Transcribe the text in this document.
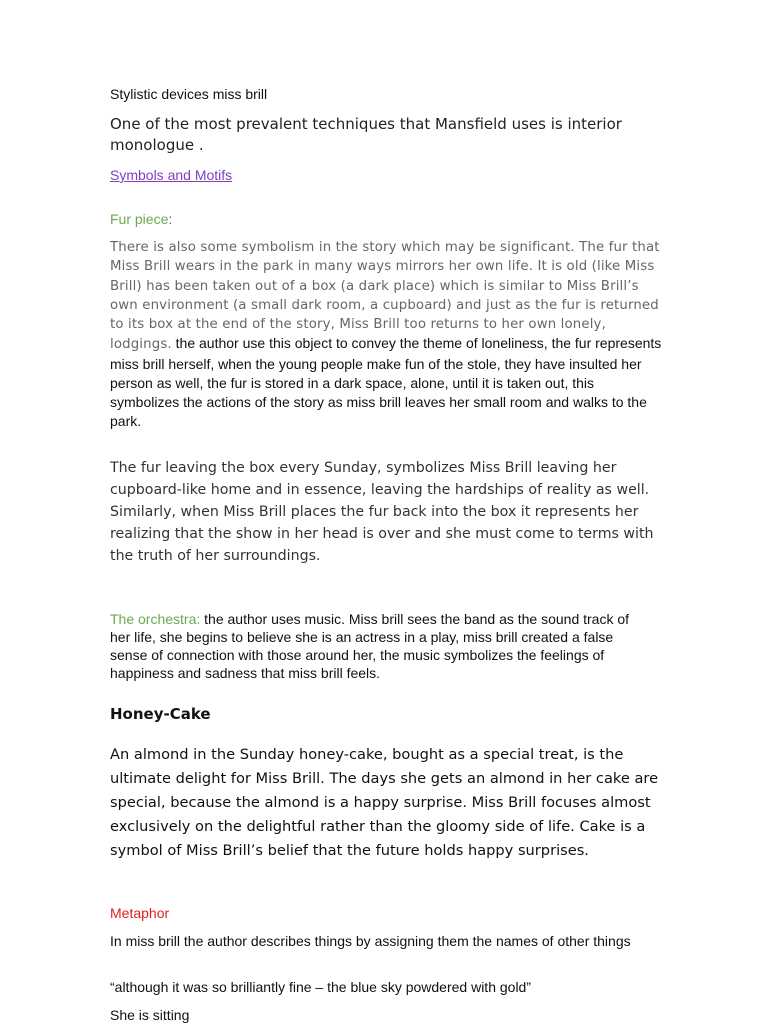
Stylistic devices miss brill

One of the most prevalent techniques that Mansfield uses is interior monologue .

Symbols and Motifs

Fur piece:

There is also some symbolism in the story which may be significant. The fur that Miss Brill wears in the park in many ways mirrors her own life. It is old (like Miss Brill) has been taken out of a box (a dark place) which is similar to Miss Brill’s own environment (a small dark room, a cupboard) and just as the fur is returned to its box at the end of the story, Miss Brill too returns to her own lonely, lodgings. the author use this object to convey the theme of loneliness, the fur represents miss brill herself, when the young people make fun of the stole, they have insulted her person as well, the fur is stored in a dark space, alone, until it is taken out, this symbolizes the actions of the story as miss brill leaves her small room and walks to the park.

The fur leaving the box every Sunday, symbolizes Miss Brill leaving her cupboard-like home and in essence, leaving the hardships of reality as well. Similarly, when Miss Brill places the fur back into the box it represents her realizing that the show in her head is over and she must come to terms with the truth of her surroundings.

The orchestra: the author uses music. Miss brill sees the band as the sound track of her life, she begins to believe she is an actress in a play, miss brill created a false sense of connection with those around her, the music symbolizes the feelings of happiness and sadness that miss brill feels.

Honey-Cake

An almond in the Sunday honey-cake, bought as a special treat, is the ultimate delight for Miss Brill. The days she gets an almond in her cake are special, because the almond is a happy surprise. Miss Brill focuses almost exclusively on the delightful rather than the gloomy side of life. Cake is a symbol of Miss Brill’s belief that the future holds happy surprises.

Metaphor

In miss brill the author describes things by assigning them the names of other things

“although it was so brilliantly fine – the blue sky powdered with gold”

She is sitting
